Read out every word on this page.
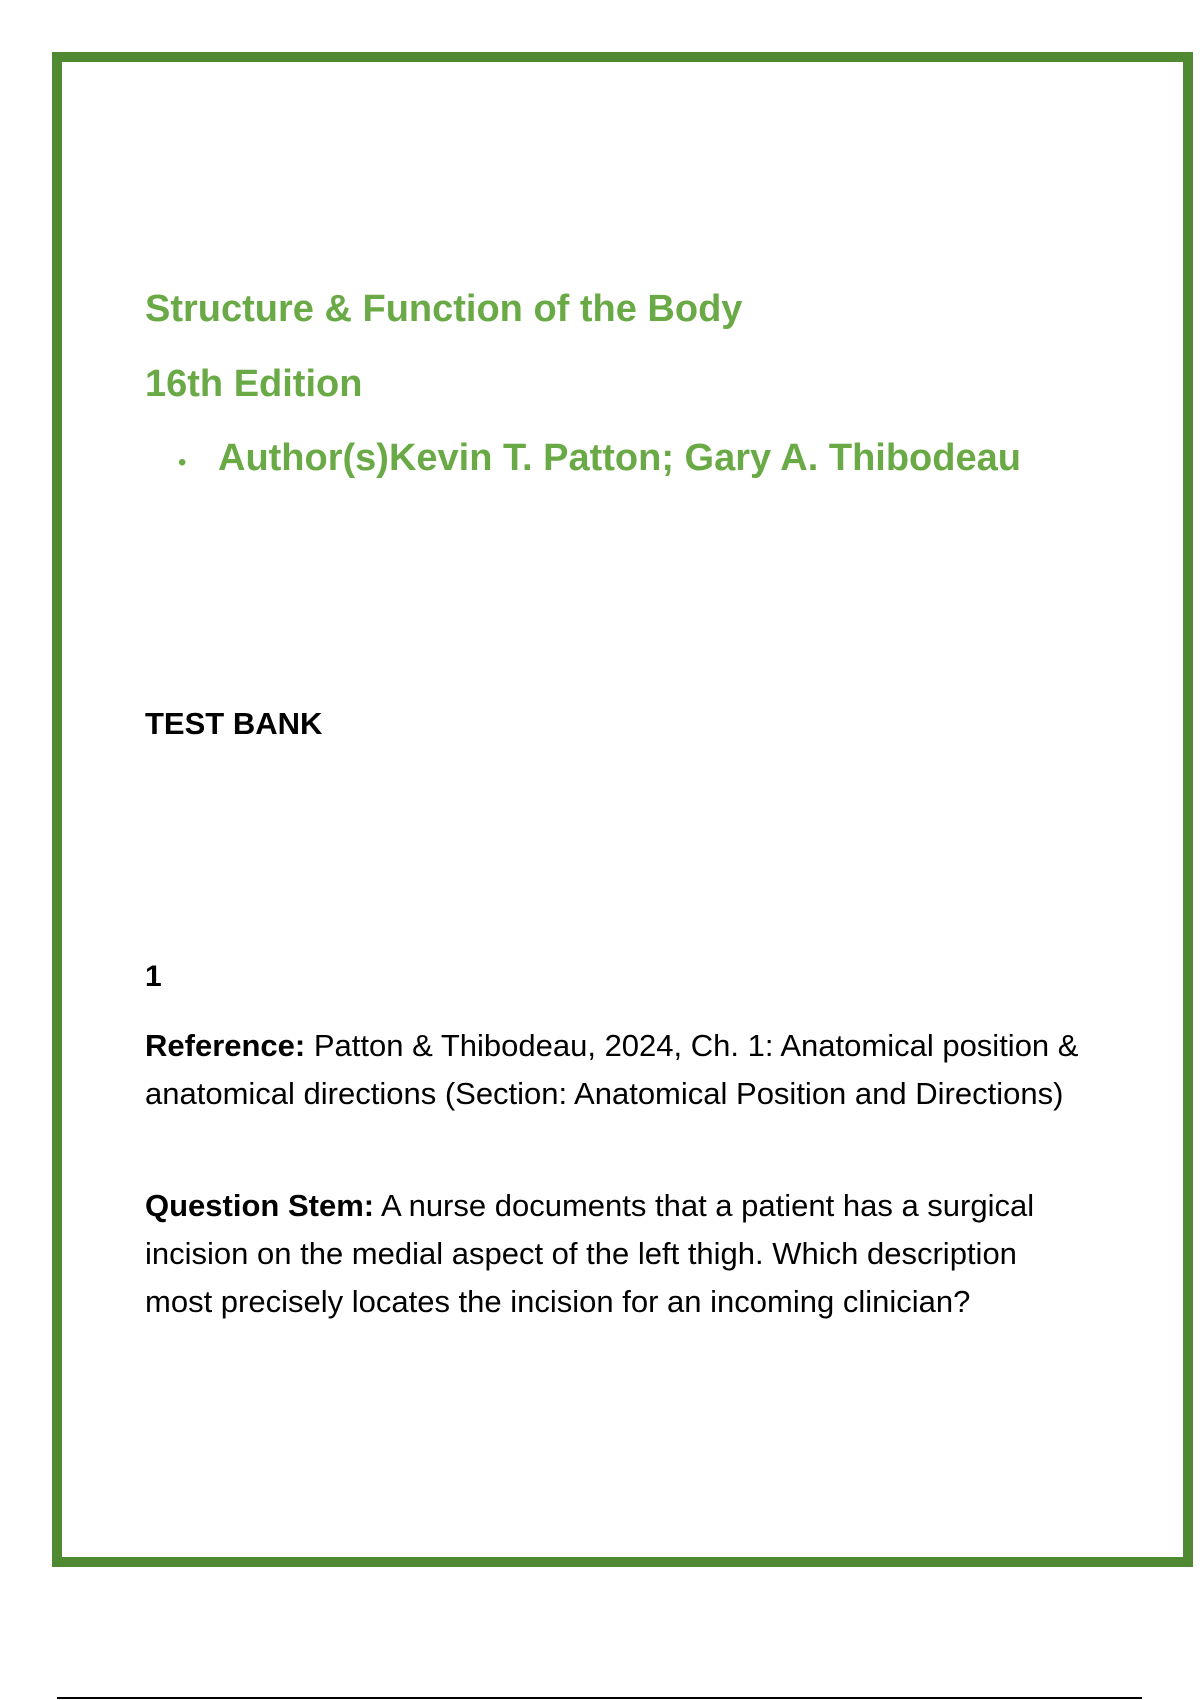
Structure & Function of the Body
16th Edition
• Author(s)Kevin T. Patton; Gary A. Thibodeau
TEST BANK
1
Reference: Patton & Thibodeau, 2024, Ch. 1: Anatomical position & anatomical directions (Section: Anatomical Position and Directions)
Question Stem: A nurse documents that a patient has a surgical incision on the medial aspect of the left thigh. Which description most precisely locates the incision for an incoming clinician?
